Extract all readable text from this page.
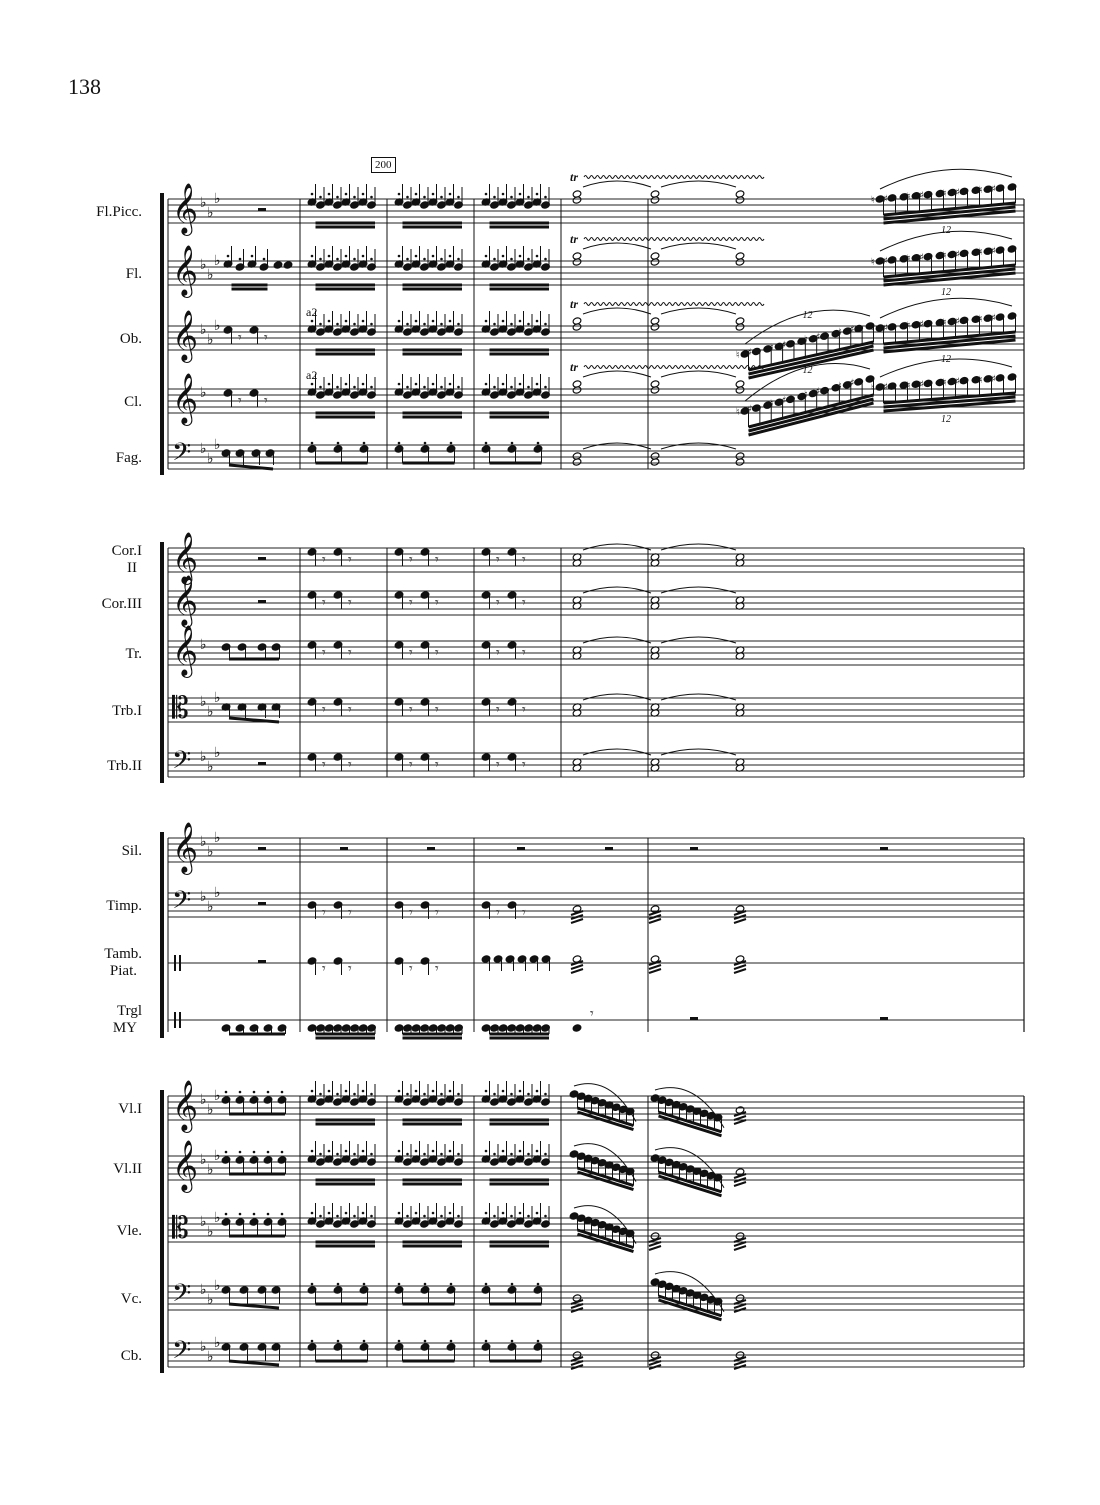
138
200
Fl.Picc.
Fl.
Ob.
Cl.
Fag.
Cor.I
II
Cor.III
Tr.
Trb.I
Trb.II
Sil.
Timp.
Tamb.
Piat.
Trgl
MY
Vl.I
Vl.II
Vle.
Vc.
Cb.
𝄞 ♭
♭
♭
𝄞 ♭
♭
♭
𝄞 ♭
♭
♭
𝄞 ♭
𝄢 ♭
♭
♭
𝄞
𝄞
𝄞 ♭
𝄡 ♭
♭
♭
𝄢 ♭
♭
♭
𝄞 ♭
♭
♭
𝄢 ♭
♭
♭
𝄞 ♭
♭
♭
𝄞 ♭
♭
♭
𝄡 ♭
♭
♭
𝄢 ♭
♭
♭
𝄢 ♭
♭
♭
𝄾 𝄾
𝄾 𝄾
a2
a2
tr
tr
tr
tr
♮ ♯ ♮ ♯ ♮ ♯ ♮ ♯
12
♮ ♯ ♮ ♯ ♮ ♯ ♮ ♯
12
♮ ♯ ♮ ♯ ♮ ♯ ♮ ♯
12
♮ ♯ ♮ ♯ ♮ ♯ ♮ ♯
12
♮ ♯
♮ ♯
♮ ♯
♮ ♯
12
♮ ♯ ♮ ♯ ♮ ♯ ♮ ♯
12
𝄾 𝄾	𝄾 𝄾	𝄾 𝄾
𝄾 𝄾	𝄾 𝄾	𝄾 𝄾
𝄾 𝄾	𝄾 𝄾	𝄾 𝄾
𝄾 𝄾	𝄾 𝄾	𝄾 𝄾
𝄾 𝄾	𝄾 𝄾	𝄾 𝄾
𝄾 𝄾	𝄾 𝄾	𝄾 𝄾
𝄾 𝄾	𝄾 𝄾
𝄾
